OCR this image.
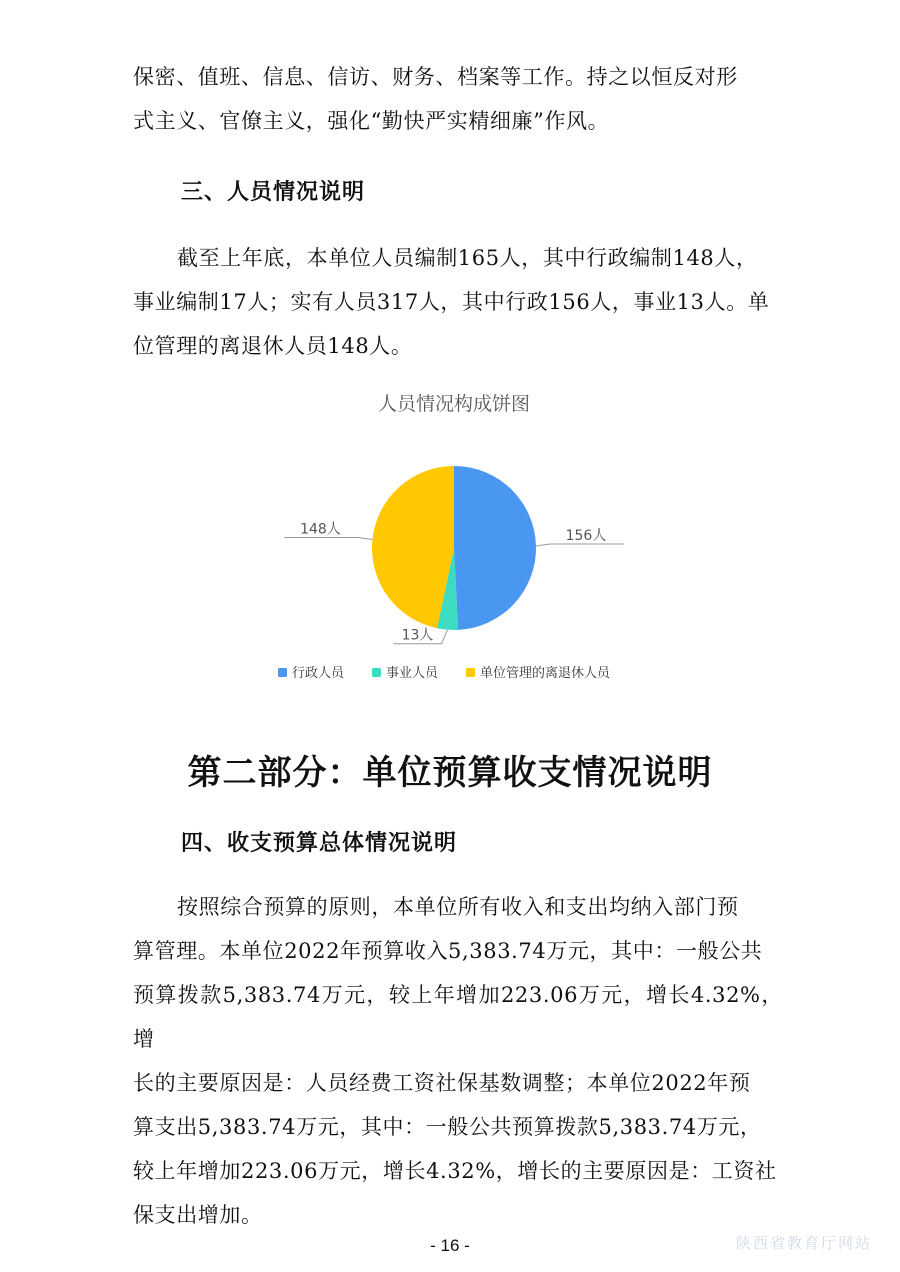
保密、值班、信息、信访、财务、档案等工作。持之以恒反对形
式主义、官僚主义，强化“勤快严实精细廉”作风。
三、人员情况说明
截至上年底，本单位人员编制165人，其中行政编制148人，
事业编制17人；实有人员317人，其中行政156人，事业13人。单
位管理的离退休人员148人。
人员情况构成饼图
156人
13人
148人
行政人员	事业人员	单位管理的离退休人员
第二部分：单位预算收支情况说明
四、收支预算总体情况说明
按照综合预算的原则，本单位所有收入和支出均纳入部门预
算管理。本单位2022年预算收入5,383.74万元，其中：一般公共
预算拨款5,383.74万元，较上年增加223.06万元，增长4.32%，增
长的主要原因是：人员经费工资社保基数调整；本单位2022年预
算支出5,383.74万元，其中：一般公共预算拨款5,383.74万元，
较上年增加223.06万元，增长4.32%，增长的主要原因是：工资社
保支出增加。
- 16 -	陕西省教育厅网站
